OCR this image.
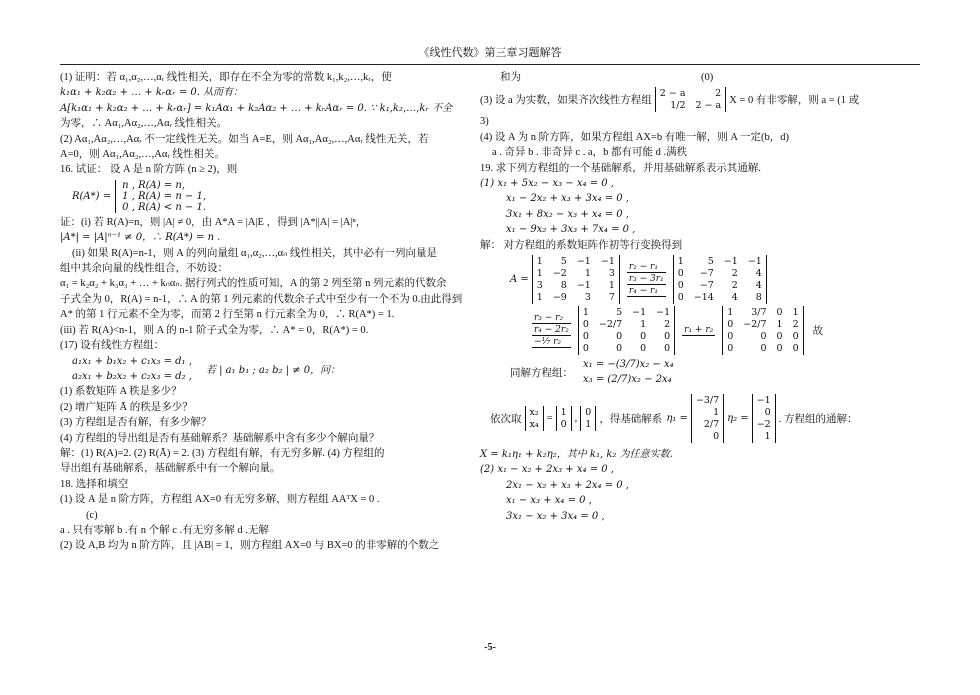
《线性代数》第三章习题解答
(1) 证明：若 α₁,α₂,…,αᵣ 线性相关，即存在不全为零的常数 k₁,k₂,…,kᵣ，使
k₁α₁ + k₂α₂ + … + kᵣαᵣ = 0. 从而有：
A[k₁α₁ + k₂α₂ + … + kᵣαᵣ] = k₁Aα₁ + k₂Aα₂ + … + kᵣAαᵣ = 0. ∵ k₁,k₂,…,kᵣ 不全
为零，∴ Aα₁,Aα₂,…,Aαᵣ 线性相关。
(2) Aα₁,Aα₂,…,Aαᵣ 不一定线性无关。如当 A=E，则 Aα₁,Aα₂,…,Aαᵣ 线性无关，若
A=0，则 Aα₁,Aα₂,…,Aαᵣ 线性相关。
16. 试证： 设 A 是 n 阶方阵 (n ≥ 2)，则
R(A*) =
n , R(A) = n,
1 , R(A) = n − 1,
0 , R(A) < n − 1.
证：(i) 若 R(A)=n，则 |A| ≠ 0，由 A*A = |A|E ，得到 |A*||A| = |A|ⁿ，
|A*| = |A|ⁿ⁻¹ ≠ 0，∴ R(A*) = n .
(ii) 如果 R(A)=n-1，则 A 的列向量组 α₁,α₂,…,αₙ 线性相关，其中必有一列向量是
组中其余向量的线性组合，不妨设：
α₁ = k₂α₂ + k₃α₃ + … + kₙαₙ. 据行列式的性质可知，A 的第 2 列至第 n 列元素的代数余
子式全为 0，R(A) = n-1，∴ A 的第 1 列元素的代数余子式中至少有一个不为 0.由此得到
A* 的第 1 行元素不全为零，而第 2 行至第 n 行元素全为 0，∴ R(A*) = 1.
(iii) 若 R(A)<n-1，则 A 的 n-1 阶子式全为零，∴ A* = 0，R(A*) = 0.
(17) 设有线性方程组：
a₁x₁ + b₁x₂ + c₁x₃ = d₁ ,
a₂x₁ + b₂x₂ + c₂x₃ = d₂ , 若 | a₁ b₁ ; a₂ b₂ | ≠ 0，问：
(1) 系数矩阵 A 秩是多少？
(2) 增广矩阵 Ā 的秩是多少？
(3) 方程组是否有解，有多少解？
(4) 方程组的导出组是否有基础解系？基础解系中含有多少个解向量？
解：(1) R(A)=2. (2) R(Ā) = 2. (3) 方程组有解，有无穷多解. (4) 方程组的
导出组有基础解系，基础解系中有一个解向量。
18. 选择和填空
(1) 设 A 是 n 阶方阵，方程组 AX=0 有无穷多解，则方程组 AAᵀX = 0 .
(c)
a . 只有零解 b .有 n 个解 c .有无穷多解 d .无解
(2) 设 A,B 均为 n 阶方阵，且 |AB| = 1，则方程组 AX=0 与 BX=0 的非零解的个数之
和为	(0)
(3) 设 a 为实数，如果齐次线性方程组
2 − a	2
1/2 2 − a X = 0 有非零解，则 a = (1 或
3)
(4) 设 A 为 n 阶方阵，如果方程组 AX=b 有唯一解，则 A 一定(b，d)
a . 奇异 b . 非奇异 c . a，b 都有可能 d .满秩
19. 求下列方程组的一个基础解系，并用基础解系表示其通解.
(1) x₁ + 5x₂ − x₃ − x₄ = 0 ,
x₁ − 2x₂ + x₃ + 3x₄ = 0 ,
3x₁ + 8x₂ − x₃ + x₄ = 0 ,
x₁ − 9x₂ + 3x₃ + 7x₄ = 0 ,
解： 对方程组的系数矩阵作初等行变换得到
A =
1	5 −1 −1
1 −2	1	3
3	8 −1	1
1 −9	3	7
r₂ − r₁
r₃ − 3r₁
r₄ − r₁
1	5 −1 −1
0	−7	2	4
0	−7	2	4
0 −14	4	8
r₃ − r₂
r₄ − 2r₂
−⅐ r₂
1	5 −1 −1
0 −2/7	1	2
0	0	0	0
0	0	0	0
r₁ + r₂
1	3/7 0 1
0 −2/7 1 2
0	0 0 0
0	0 0 0
故
同解方程组：
x₁ = −(3/7)x₂ − x₄
x₃ = (2/7)x₂ − 2x₄
依次取
x₂
x₄
=
1
0
,
0
1 ，得基础解系 η₁ =
−3/7
1
2/7
0
η₂ =
−1
0
−2
1
. 方程组的通解：
X = k₁η₁ + k₂η₂，其中 k₁, k₂ 为任意实数.
(2) x₁ − x₂ + 2x₃ + x₄ = 0 ,
2x₁ − x₂ + x₃ + 2x₄ = 0 ,
x₁ − x₃ + x₄ = 0 ,
3x₁ − x₂ + 3x₄ = 0 ,
-5-
